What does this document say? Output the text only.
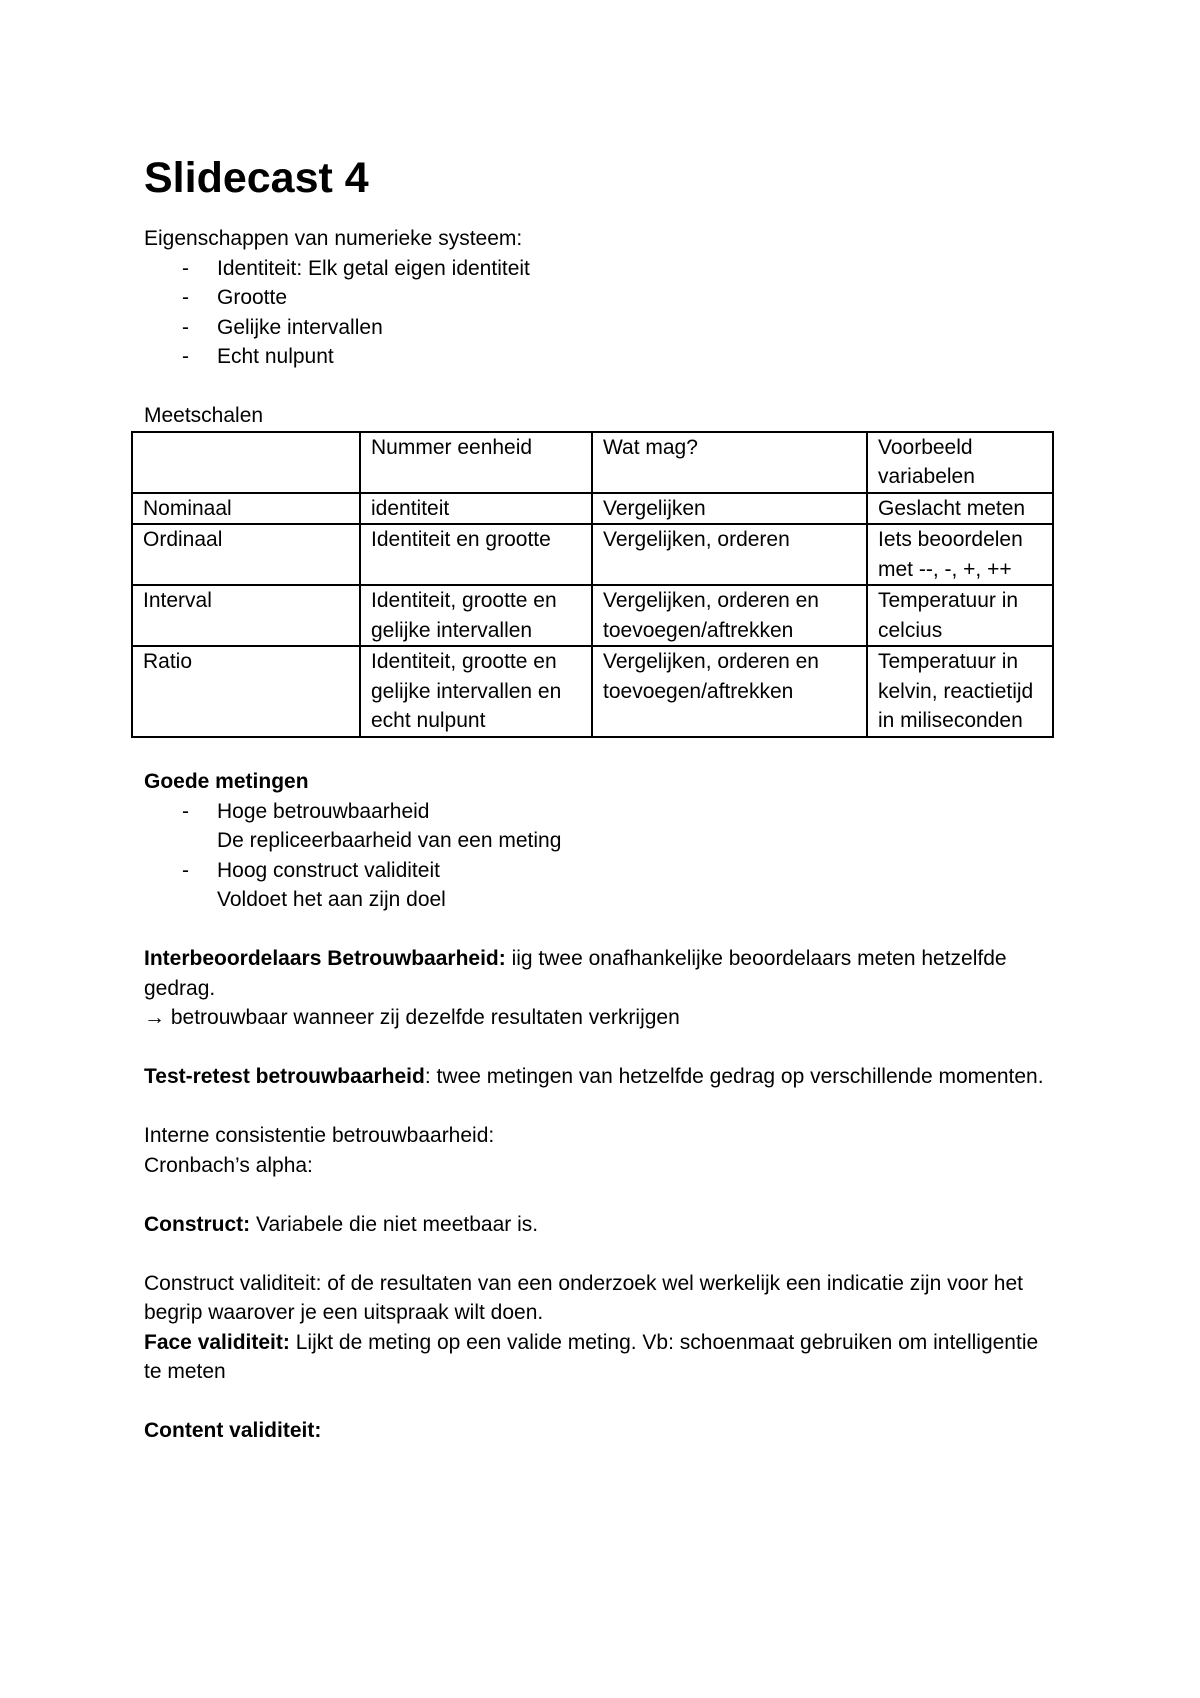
Slidecast 4

Eigenschappen van numerieke systeem:

- Identiteit: Elk getal eigen identiteit
- Grootte
- Gelijke intervallen
- Echt nulpunt

Meetschalen

	Nummer eenheid	Wat mag?	Voorbeeld variabelen
Nominaal	identiteit	Vergelijken	Geslacht meten
Ordinaal	Identiteit en grootte	Vergelijken, orderen	Iets beoordelen met --, -, +, ++
Interval	Identiteit, grootte en gelijke intervallen	Vergelijken, orderen en toevoegen/aftrekken	Temperatuur in celcius
Ratio	Identiteit, grootte en gelijke intervallen en echt nulpunt	Vergelijken, orderen en toevoegen/aftrekken	Temperatuur in kelvin, reactietijd in miliseconden

Goede metingen

- Hoge betrouwbaarheid
De repliceerbaarheid van een meting
- Hoog construct validiteit
Voldoet het aan zijn doel

Interbeoordelaars Betrouwbaarheid: iig twee onafhankelijke beoordelaars meten hetzelfde gedrag.

→ betrouwbaar wanneer zij dezelfde resultaten verkrijgen

Test-retest betrouwbaarheid: twee metingen van hetzelfde gedrag op verschillende momenten.

Interne consistentie betrouwbaarheid:

Cronbach’s alpha:

Construct: Variabele die niet meetbaar is.

Construct validiteit: of de resultaten van een onderzoek wel werkelijk een indicatie zijn voor het begrip waarover je een uitspraak wilt doen.

Face validiteit: Lijkt de meting op een valide meting. Vb: schoenmaat gebruiken om intelligentie te meten

Content validiteit:
